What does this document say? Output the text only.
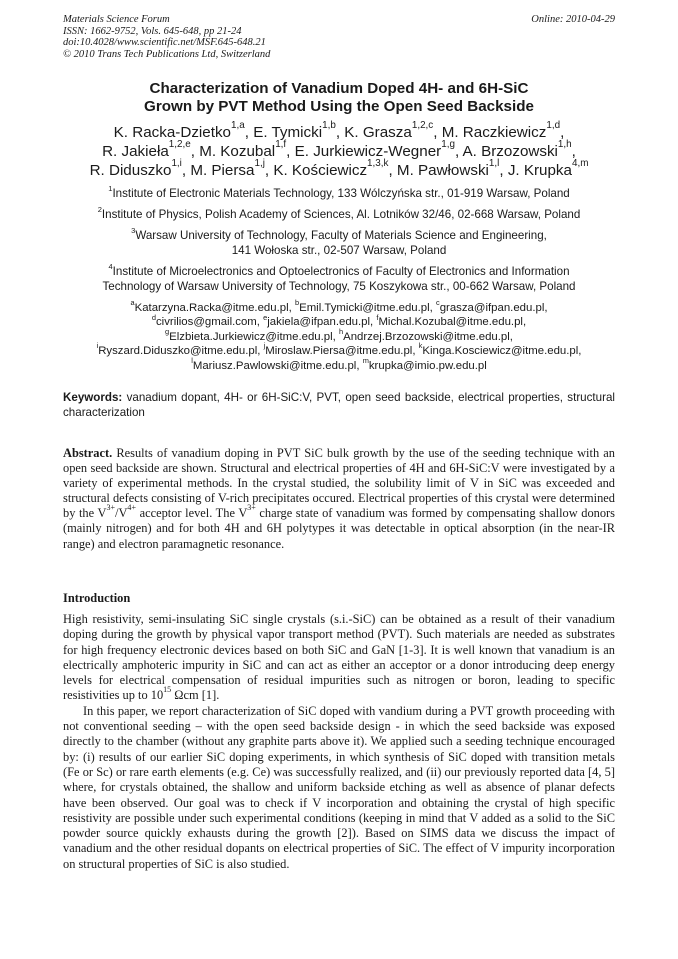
Materials Science Forum
ISSN: 1662-9752, Vols. 645-648, pp 21-24
doi:10.4028/www.scientific.net/MSF.645-648.21
© 2010 Trans Tech Publications Ltd, Switzerland
Online: 2010-04-29
Characterization of Vanadium Doped 4H- and 6H-SiC
Grown by PVT Method Using the Open Seed Backside
K. Racka-Dzietko$^{1,a}$, E. Tymicki$^{1,b}$, K. Grasza$^{1,2,c}$, M. Raczkiewicz$^{1,d}$,
R. Jakieła$^{1,2,e}$, M. Kozubal$^{1,f}$, E. Jurkiewicz-Wegner$^{1,g}$, A. Brzozowski$^{1,h}$,
R. Diduszko$^{1,i}$, M. Piersa$^{1,j}$, K. Kościewicz$^{1,3,k}$, M. Pawłowski$^{1,l}$, J. Krupka$^{4,m}$
$^1$Institute of Electronic Materials Technology, 133 Wólczyńska str., 01-919 Warsaw, Poland
$^2$Institute of Physics, Polish Academy of Sciences, Al. Lotników 32/46, 02-668 Warsaw, Poland
$^3$Warsaw University of Technology, Faculty of Materials Science and Engineering,
141 Wołoska str., 02-507 Warsaw, Poland
$^4$Institute of Microelectronics and Optoelectronics of Faculty of Electronics and Information
Technology of Warsaw University of Technology, 75 Koszykowa str., 00-662 Warsaw, Poland
$^a$Katarzyna.Racka@itme.edu.pl, $^b$Emil.Tymicki@itme.edu.pl, $^c$grasza@ifpan.edu.pl,
$^d$civrilios@gmail.com, $^e$jakiela@ifpan.edu.pl, $^f$Michal.Kozubal@itme.edu.pl,
$^g$Elzbieta.Jurkiewicz@itme.edu.pl, $^h$Andrzej.Brzozowski@itme.edu.pl,
$^i$Ryszard.Diduszko@itme.edu.pl, $^j$Miroslaw.Piersa@itme.edu.pl, $^k$Kinga.Kosciewicz@itme.edu.pl,
$^l$Mariusz.Pawlowski@itme.edu.pl, $^m$krupka@imio.pw.edu.pl
Keywords: vanadium dopant, 4H- or 6H-SiC:V, PVT, open seed backside, electrical properties, structural characterization
Abstract. Results of vanadium doping in PVT SiC bulk growth by the use of the seeding technique with an open seed backside are shown. Structural and electrical properties of 4H and 6H-SiC:V were investigated by a variety of experimental methods. In the crystal studied, the solubility limit of V in SiC was exceeded and structural defects consisting of V-rich precipitates occured. Electrical properties of this crystal were determined by the $V^{3+}/V^{4+}$ acceptor level. The $V^{3+}$ charge state of vanadium was formed by compensating shallow donors (mainly nitrogen) and for both 4H and 6H polytypes it was detectable in optical absorption (in the near-IR range) and electron paramagnetic resonance.
Introduction

High resistivity, semi-insulating SiC single crystals (s.i.-SiC) can be obtained as a result of their vanadium doping during the growth by physical vapor transport method (PVT). Such materials are needed as substrates for high frequency electronic devices based on both SiC and GaN [1-3]. It is well known that vanadium is an electrically amphoteric impurity in SiC and can act as either an acceptor or a donor introducing deep energy levels for electrical compensation of residual impurities such as nitrogen or boron, leading to specific resistivities up to $10^{15}$ Ωcm [1].

In this paper, we report characterization of SiC doped with vandium during a PVT growth proceeding with not conventional seeding – with the open seed backside design - in which the seed backside was exposed directly to the chamber (without any graphite parts above it). We applied such a seeding technique encouraged by: (i) results of our earlier SiC doping experiments, in which synthesis of SiC doped with transition metals (Fe or Sc) or rare earth elements (e.g. Ce) was successfully realized, and (ii) our previously reported data [4, 5] where, for crystals obtained, the shallow and uniform backside etching as well as absence of planar defects have been observed. Our goal was to check if V incorporation and obtaining the crystal of high specific resistivity are possible under such experimental conditions (keeping in mind that V added as a solid to the SiC powder source quickly exhausts during the growth [2]). Based on SIMS data we discuss the impact of vanadium and the other residual dopants on electrical properties of SiC. The effect of V impurity incorporation on structural properties of SiC is also studied.
